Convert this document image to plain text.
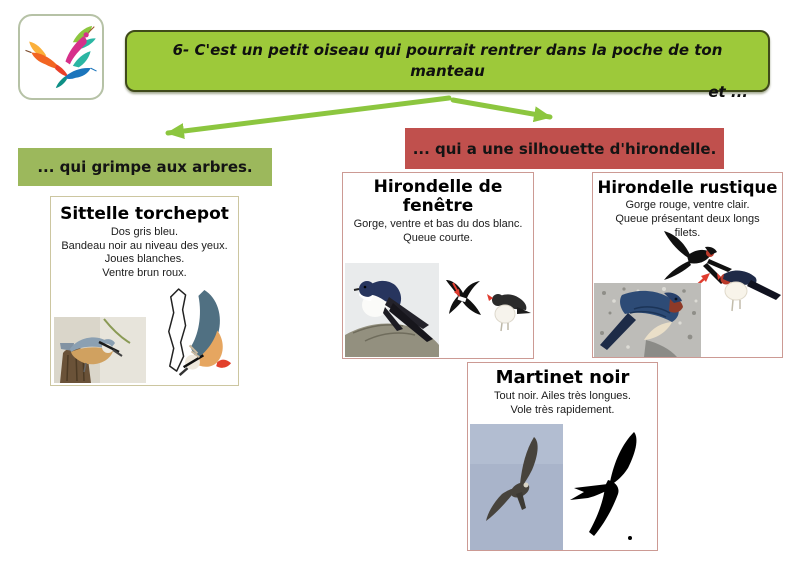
6- C'est un petit oiseau qui pourrait rentrer dans la poche de ton manteau
et ...
... qui grimpe aux arbres.
... qui a une silhouette d'hirondelle.
Sittelle torchepot
Dos gris bleu.
Bandeau noir au niveau des yeux.
Joues blanches.
Ventre brun roux.
Hirondelle de fenêtre
Gorge, ventre et bas du dos blanc.
Queue courte.
Hirondelle rustique
Gorge rouge, ventre clair.
Queue présentant deux longs filets.
Martinet noir
Tout noir. Ailes très longues.
Vole très rapidement.
